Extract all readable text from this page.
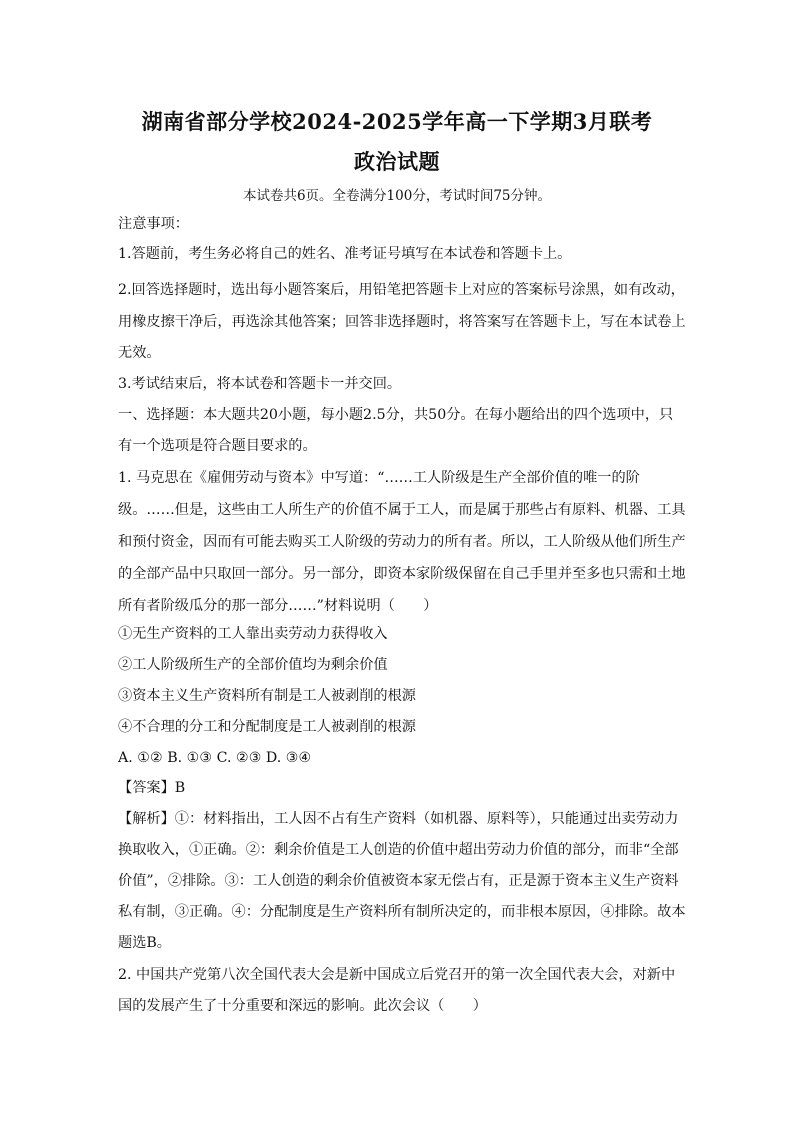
湖南省部分学校2024-2025学年高一下学期3月联考
政治试题
本试卷共6页。全卷满分100分，考试时间75分钟。
注意事项：
1.答题前，考生务必将自己的姓名、准考证号填写在本试卷和答题卡上。
2.回答选择题时，选出每小题答案后，用铅笔把答题卡上对应的答案标号涂黑，如有改动，
用橡皮擦干净后，再选涂其他答案；回答非选择题时，将答案写在答题卡上，写在本试卷上
无效。
3.考试结束后，将本试卷和答题卡一并交回。
一、选择题：本大题共20小题，每小题2.5分，共50分。在每小题给出的四个选项中，只
有一个选项是符合题目要求的。
1. 马克思在《雇佣劳动与资本》中写道：“……工人阶级是生产全部价值的唯一的阶
级。……但是，这些由工人所生产的价值不属于工人，而是属于那些占有原料、机器、工具
和预付资金，因而有可能去购买工人阶级的劳动力的所有者。所以，工人阶级从他们所生产
的全部产品中只取回一部分。另一部分，即资本家阶级保留在自己手里并至多也只需和土地
所有者阶级瓜分的那一部分……”材料说明（　　）
①无生产资料的工人靠出卖劳动力获得收入
②工人阶级所生产的全部价值均为剩余价值
③资本主义生产资料所有制是工人被剥削的根源
④不合理的分工和分配制度是工人被剥削的根源
A. ①② B. ①③ C. ②③ D. ③④
【答案】B
【解析】①：材料指出，工人因不占有生产资料（如机器、原料等），只能通过出卖劳动力
换取收入，①正确。②：剩余价值是工人创造的价值中超出劳动力价值的部分，而非“全部
价值”，②排除。③：工人创造的剩余价值被资本家无偿占有，正是源于资本主义生产资料
私有制，③正确。④：分配制度是生产资料所有制所决定的，而非根本原因，④排除。故本
题选B。
2. 中国共产党第八次全国代表大会是新中国成立后党召开的第一次全国代表大会，对新中
国的发展产生了十分重要和深远的影响。此次会议（　　）
